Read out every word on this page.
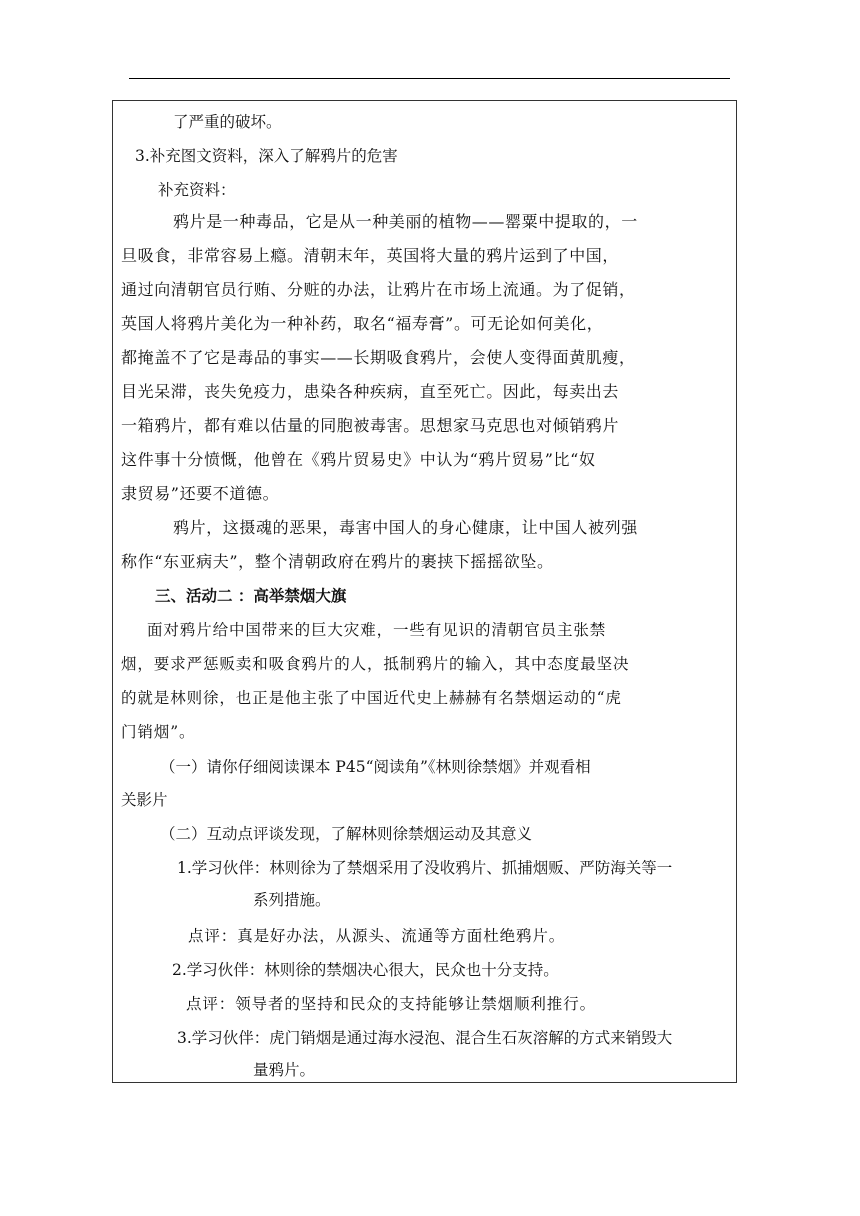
了严重的破坏。
3.补充图文资料，深入了解鸦片的危害
补充资料：
鸦片是一种毒品，它是从一种美丽的植物——罂粟中提取的，一
旦吸食，非常容易上瘾。清朝末年，英国将大量的鸦片运到了中国，
通过向清朝官员行贿、分赃的办法，让鸦片在市场上流通。为了促销，
英国人将鸦片美化为一种补药，取名“福寿膏”。可无论如何美化，
都掩盖不了它是毒品的事实——长期吸食鸦片，会使人变得面黄肌瘦，
目光呆滞，丧失免疫力，患染各种疾病，直至死亡。因此，每卖出去
一箱鸦片，都有难以估量的同胞被毒害。思想家马克思也对倾销鸦片
这件事十分愤慨，他曾在《鸦片贸易史》中认为“鸦片贸易”比“奴
隶贸易”还要不道德。
鸦片，这摄魂的恶果，毒害中国人的身心健康，让中国人被列强
称作“东亚病夫”，整个清朝政府在鸦片的裹挟下摇摇欲坠。
三、活动二 ：高举禁烟大旗
面对鸦片给中国带来的巨大灾难，一些有见识的清朝官员主张禁
烟，要求严惩贩卖和吸食鸦片的人，抵制鸦片的输入，其中态度最坚决
的就是林则徐，也正是他主张了中国近代史上赫赫有名禁烟运动的“虎
门销烟”。
（一）请你仔细阅读课本 P45“阅读角”《林则徐禁烟》并观看相
关影片
（二）互动点评谈发现，了解林则徐禁烟运动及其意义
1.学习伙伴：林则徐为了禁烟采用了没收鸦片、抓捕烟贩、严防海关等一
系列措施。
点评：真是好办法，从源头、流通等方面杜绝鸦片。
2.学习伙伴：林则徐的禁烟决心很大，民众也十分支持。
点评：领导者的坚持和民众的支持能够让禁烟顺利推行。
3.学习伙伴：虎门销烟是通过海水浸泡、混合生石灰溶解的方式来销毁大
量鸦片。
